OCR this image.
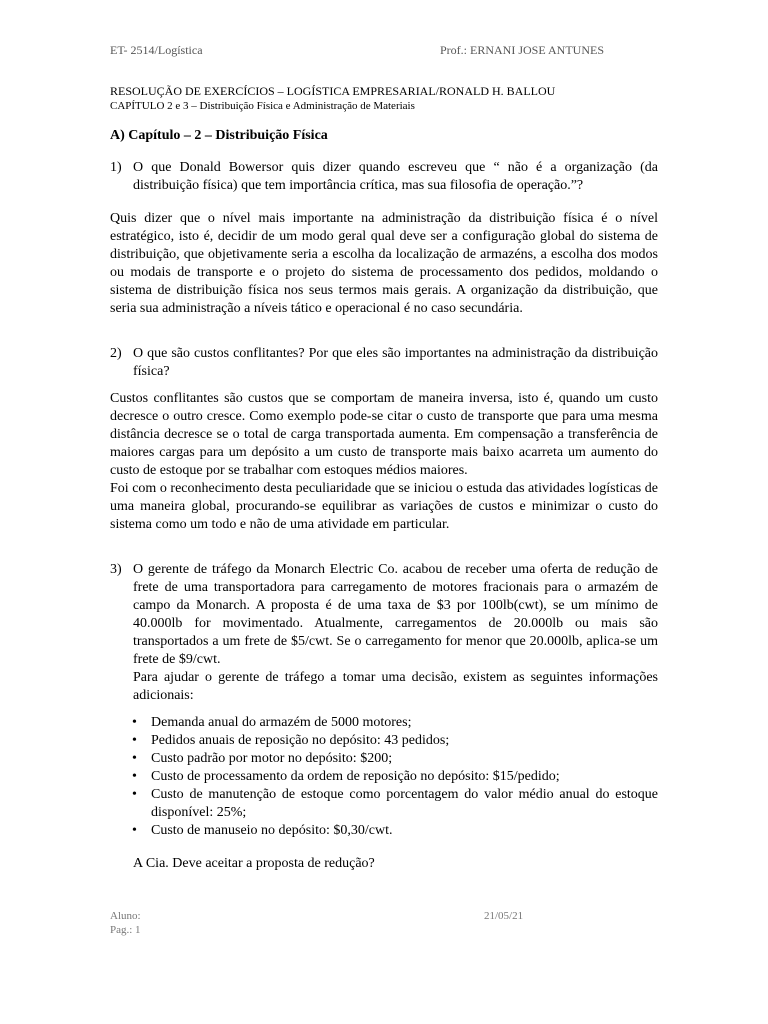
ET- 2514/Logística	Prof.: ERNANI JOSE ANTUNES
RESOLUÇÃO DE EXERCÍCIOS – LOGÍSTICA EMPRESARIAL/RONALD H. BALLOU
CAPÍTULO 2 e 3 – Distribuição Física e Administração de Materiais
A) Capítulo – 2 – Distribuição Física
1) O que Donald Bowersor quis dizer quando escreveu que “ não é a organização (da distribuição física) que tem importância crítica, mas sua filosofia de operação.”?

Quis dizer que o nível mais importante na administração da distribuição física é o nível estratégico, isto é, decidir de um modo geral qual deve ser a configuração global do sistema de distribuição, que objetivamente seria a escolha da localização de armazéns, a escolha dos modos ou modais de transporte e o projeto do sistema de processamento dos pedidos, moldando o sistema de distribuição física nos seus termos mais gerais. A organização da distribuição, que seria sua administração a níveis tático e operacional é no caso secundária.

2) O que são custos conflitantes? Por que eles são importantes na administração da distribuição física?

Custos conflitantes são custos que se comportam de maneira inversa, isto é, quando um custo decresce o outro cresce. Como exemplo pode-se citar o custo de transporte que para uma mesma distância decresce se o total de carga transportada aumenta. Em compensação a transferência de maiores cargas para um depósito a um custo de transporte mais baixo acarreta um aumento do custo de estoque por se trabalhar com estoques médios maiores.

Foi com o reconhecimento desta peculiaridade que se iniciou o estuda das atividades logísticas de uma maneira global, procurando-se equilibrar as variações de custos e minimizar o custo do sistema como um todo e não de uma atividade em particular.

3) O gerente de tráfego da Monarch Electric Co. acabou de receber uma oferta de redução de frete de uma transportadora para carregamento de motores fracionais para o armazém de campo da Monarch. A proposta é de uma taxa de $3 por 100lb(cwt), se um mínimo de 40.000lb for movimentado. Atualmente, carregamentos de 20.000lb ou mais são transportados a um frete de $5/cwt. Se o carregamento for menor que 20.000lb, aplica-se um frete de $9/cwt.
Para ajudar o gerente de tráfego a tomar uma decisão, existem as seguintes informações adicionais:
• Demanda anual do armazém de 5000 motores;
• Pedidos anuais de reposição no depósito: 43 pedidos;
• Custo padrão por motor no depósito: $200;
• Custo de processamento da ordem de reposição no depósito: $15/pedido;
• Custo de manutenção de estoque como porcentagem do valor médio anual do estoque disponível: 25%;
• Custo de manuseio no depósito: $0,30/cwt.
A Cia. Deve aceitar a proposta de redução?
Aluno:	21/05/21
Pag.: 1
